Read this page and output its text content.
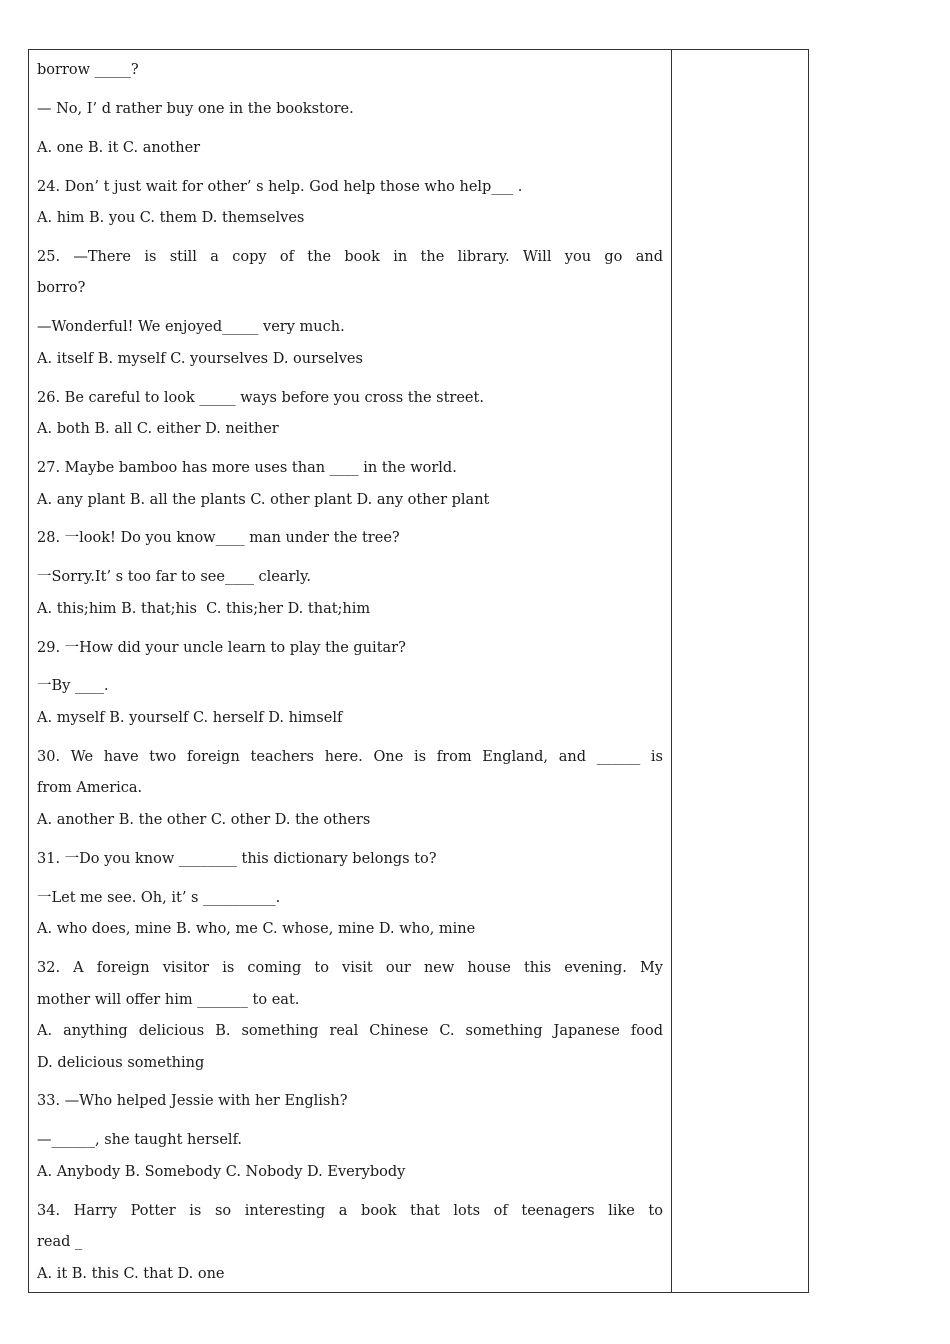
borrow _____?
— No, I’ d rather buy one in the bookstore.
A. one B. it C. another
24. Don’ t just wait for other’ s help. God help those who help___ .
A. him B. you C. them D. themselves
25. —There is still a copy of the book in the library. Will you go and
borro?
—Wonderful! We enjoyed_____ very much.
A. itself B. myself C. yourselves D. ourselves
26. Be careful to look _____ ways before you cross the street.
A. both B. all C. either D. neither
27. Maybe bamboo has more uses than ____ in the world.
A. any plant B. all the plants C. other plant D. any other plant
28. 一look! Do you know____ man under the tree?
一Sorry.It’ s too far to see____ clearly.
A. this;him B. that;his  C. this;her D. that;him
29. 一How did your uncle learn to play the guitar?
一By ____.
A. myself B. yourself C. herself D. himself
30. We have two foreign teachers here. One is from England, and ______ is
from America.
A. another B. the other C. other D. the others
31. 一Do you know ________ this dictionary belongs to?
一Let me see. Oh, it’ s __________.
A. who does, mine B. who, me C. whose, mine D. who, mine
32. A foreign visitor is coming to visit our new house this evening. My
mother will offer him _______ to eat.
A. anything delicious B. something real Chinese C. something Japanese food
D. delicious something
33. —Who helped Jessie with her English?
—______, she taught herself.
A. Anybody B. Somebody C. Nobody D. Everybody
34. Harry Potter is so interesting a book that lots of teenagers like to
read _
A. it B. this C. that D. one
